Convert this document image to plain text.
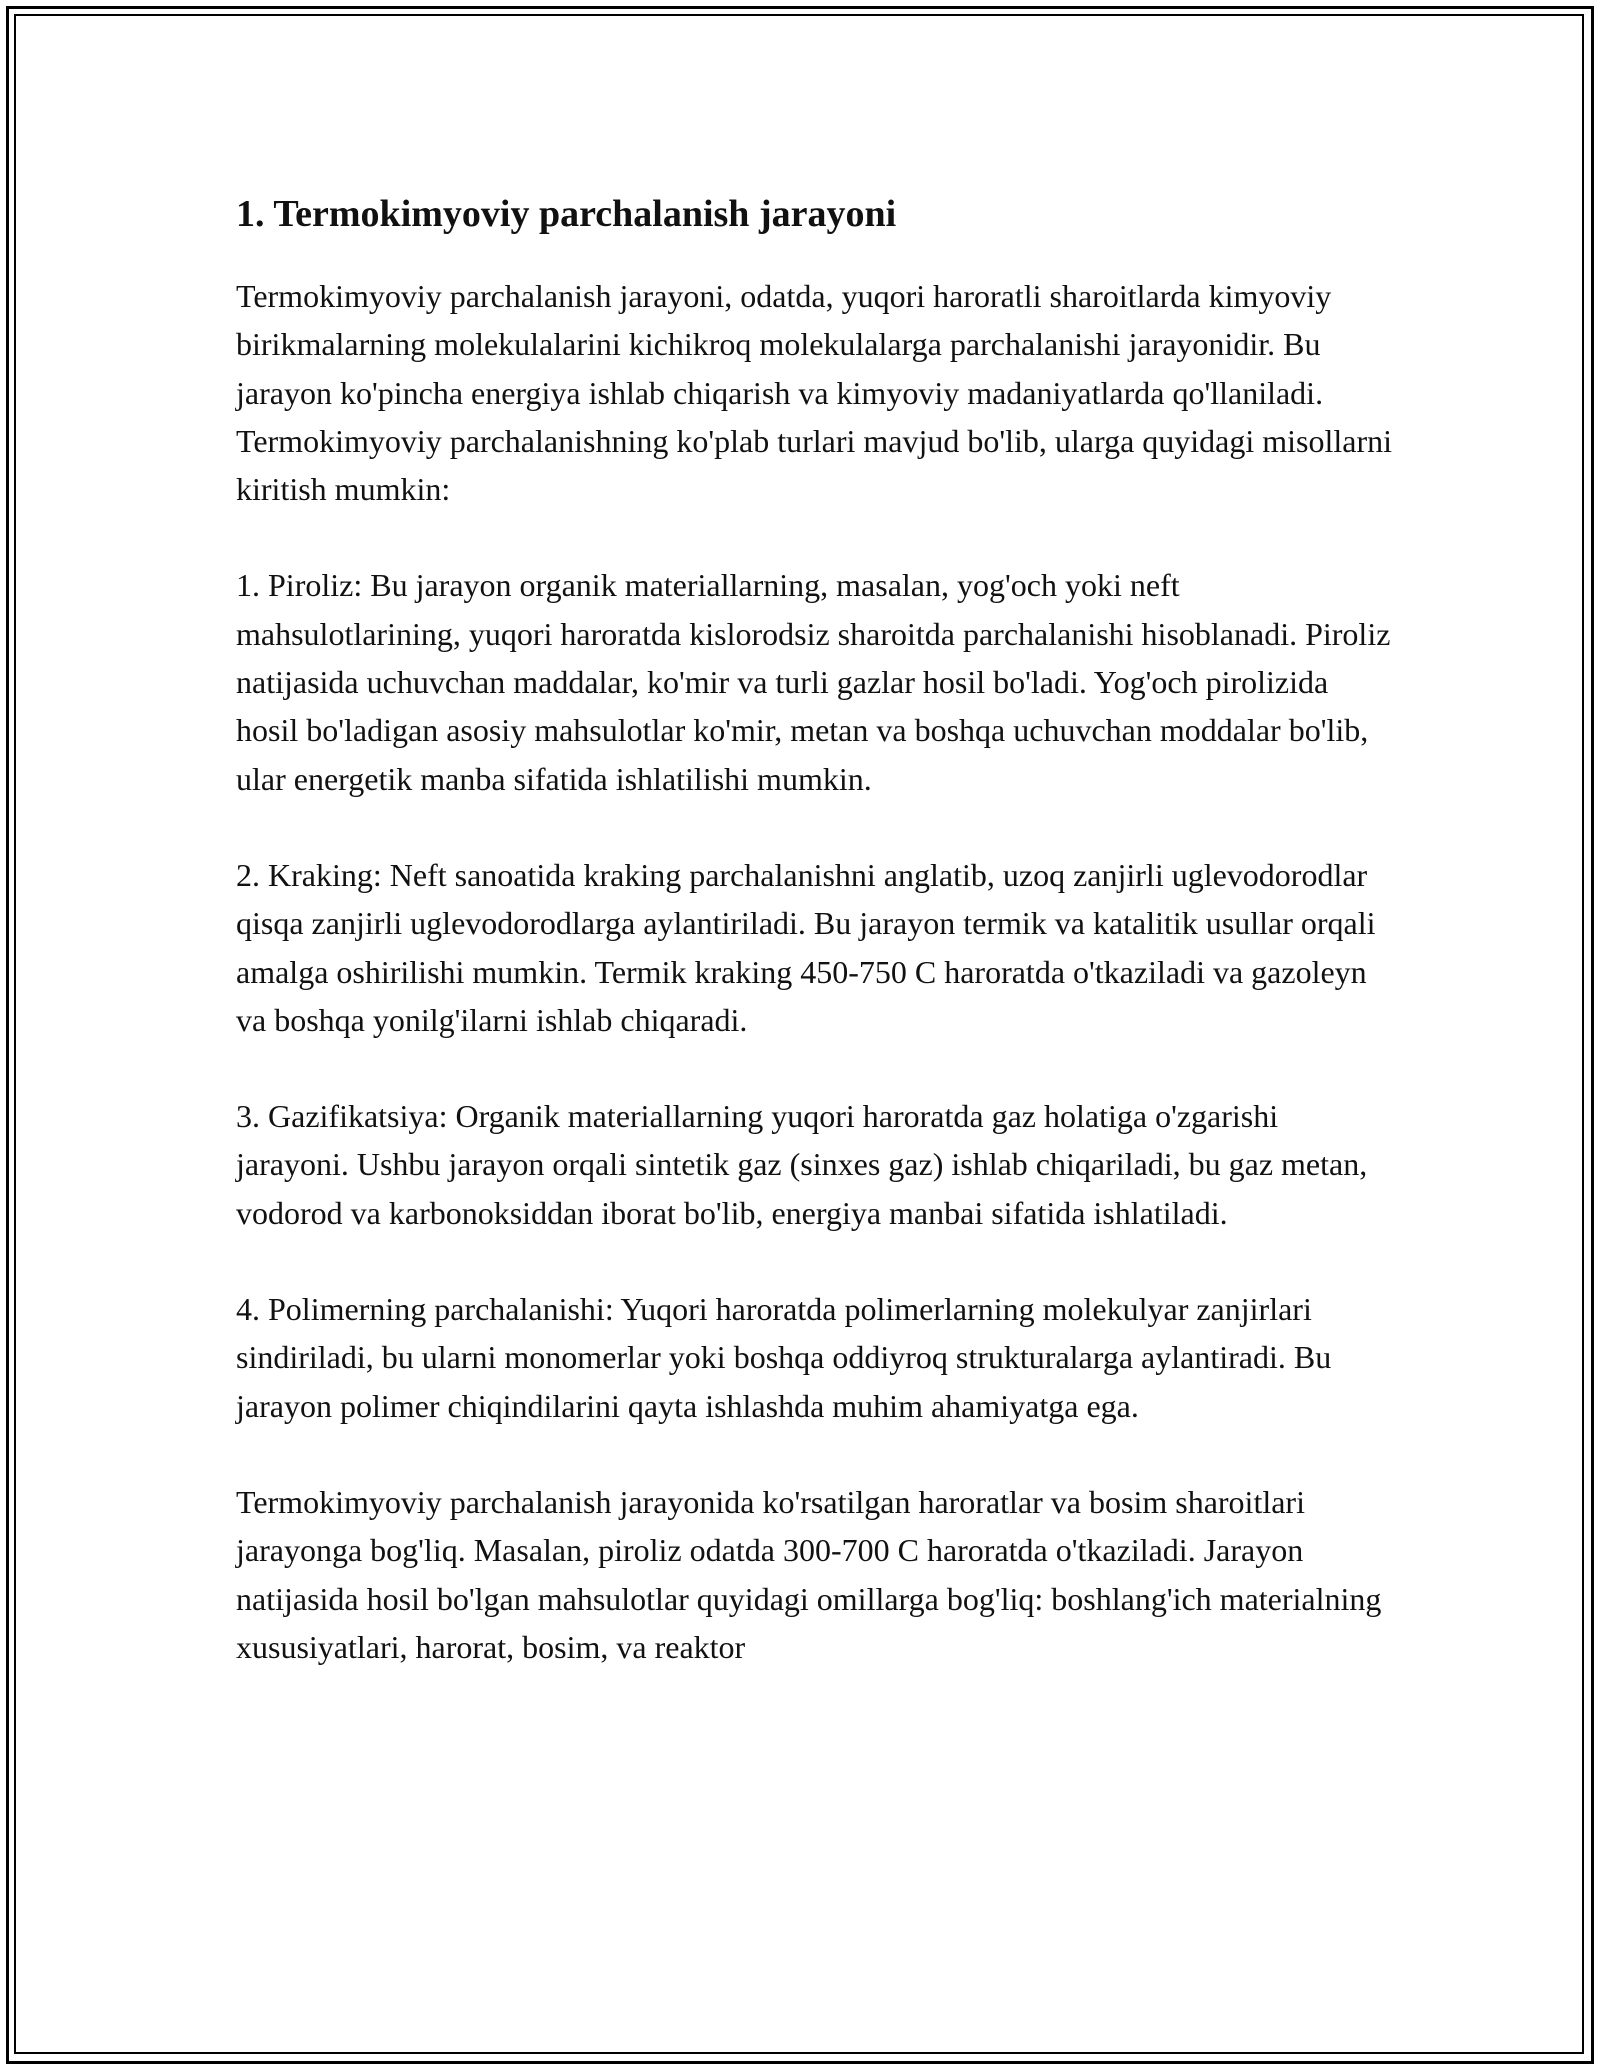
1. Termokimyoviy parchalanish jarayoni

Termokimyoviy parchalanish jarayoni, odatda, yuqori haroratli sharoitlarda kimyoviy birikmalarning molekulalarini kichikroq molekulalarga parchalanishi jarayonidir. Bu jarayon ko'pincha energiya ishlab chiqarish va kimyoviy madaniyatlarda qo'llaniladi. Termokimyoviy parchalanishning ko'plab turlari mavjud bo'lib, ularga quyidagi misollarni kiritish mumkin:

1. Piroliz: Bu jarayon organik materiallarning, masalan, yog'och yoki neft mahsulotlarining, yuqori haroratda kislorodsiz sharoitda parchalanishi hisoblanadi. Piroliz natijasida uchuvchan maddalar, ko'mir va turli gazlar hosil bo'ladi. Yog'och pirolizida hosil bo'ladigan asosiy mahsulotlar ko'mir, metan va boshqa uchuvchan moddalar bo'lib, ular energetik manba sifatida ishlatilishi mumkin.

2. Kraking: Neft sanoatida kraking parchalanishni anglatib, uzoq zanjirli uglevodorodlar qisqa zanjirli uglevodorodlarga aylantiriladi. Bu jarayon termik va katalitik usullar orqali amalga oshirilishi mumkin. Termik kraking 450-750 C haroratda o'tkaziladi va gazoleyn va boshqa yonilg'ilarni ishlab chiqaradi.

3. Gazifikatsiya: Organik materiallarning yuqori haroratda gaz holatiga o'zgarishi jarayoni. Ushbu jarayon orqali sintetik gaz (sinxes gaz) ishlab chiqariladi, bu gaz metan, vodorod va karbonoksiddan iborat bo'lib, energiya manbai sifatida ishlatiladi.

4. Polimerning parchalanishi: Yuqori haroratda polimerlarning molekulyar zanjirlari sindiriladi, bu ularni monomerlar yoki boshqa oddiyroq strukturalarga aylantiradi. Bu jarayon polimer chiqindilarini qayta ishlashda muhim ahamiyatga ega.

Termokimyoviy parchalanish jarayonida ko'rsatilgan haroratlar va bosim sharoitlari jarayonga bog'liq. Masalan, piroliz odatda 300-700 C haroratda o'tkaziladi. Jarayon natijasida hosil bo'lgan mahsulotlar quyidagi omillarga bog'liq: boshlang'ich materialning xususiyatlari, harorat, bosim, va reaktor
